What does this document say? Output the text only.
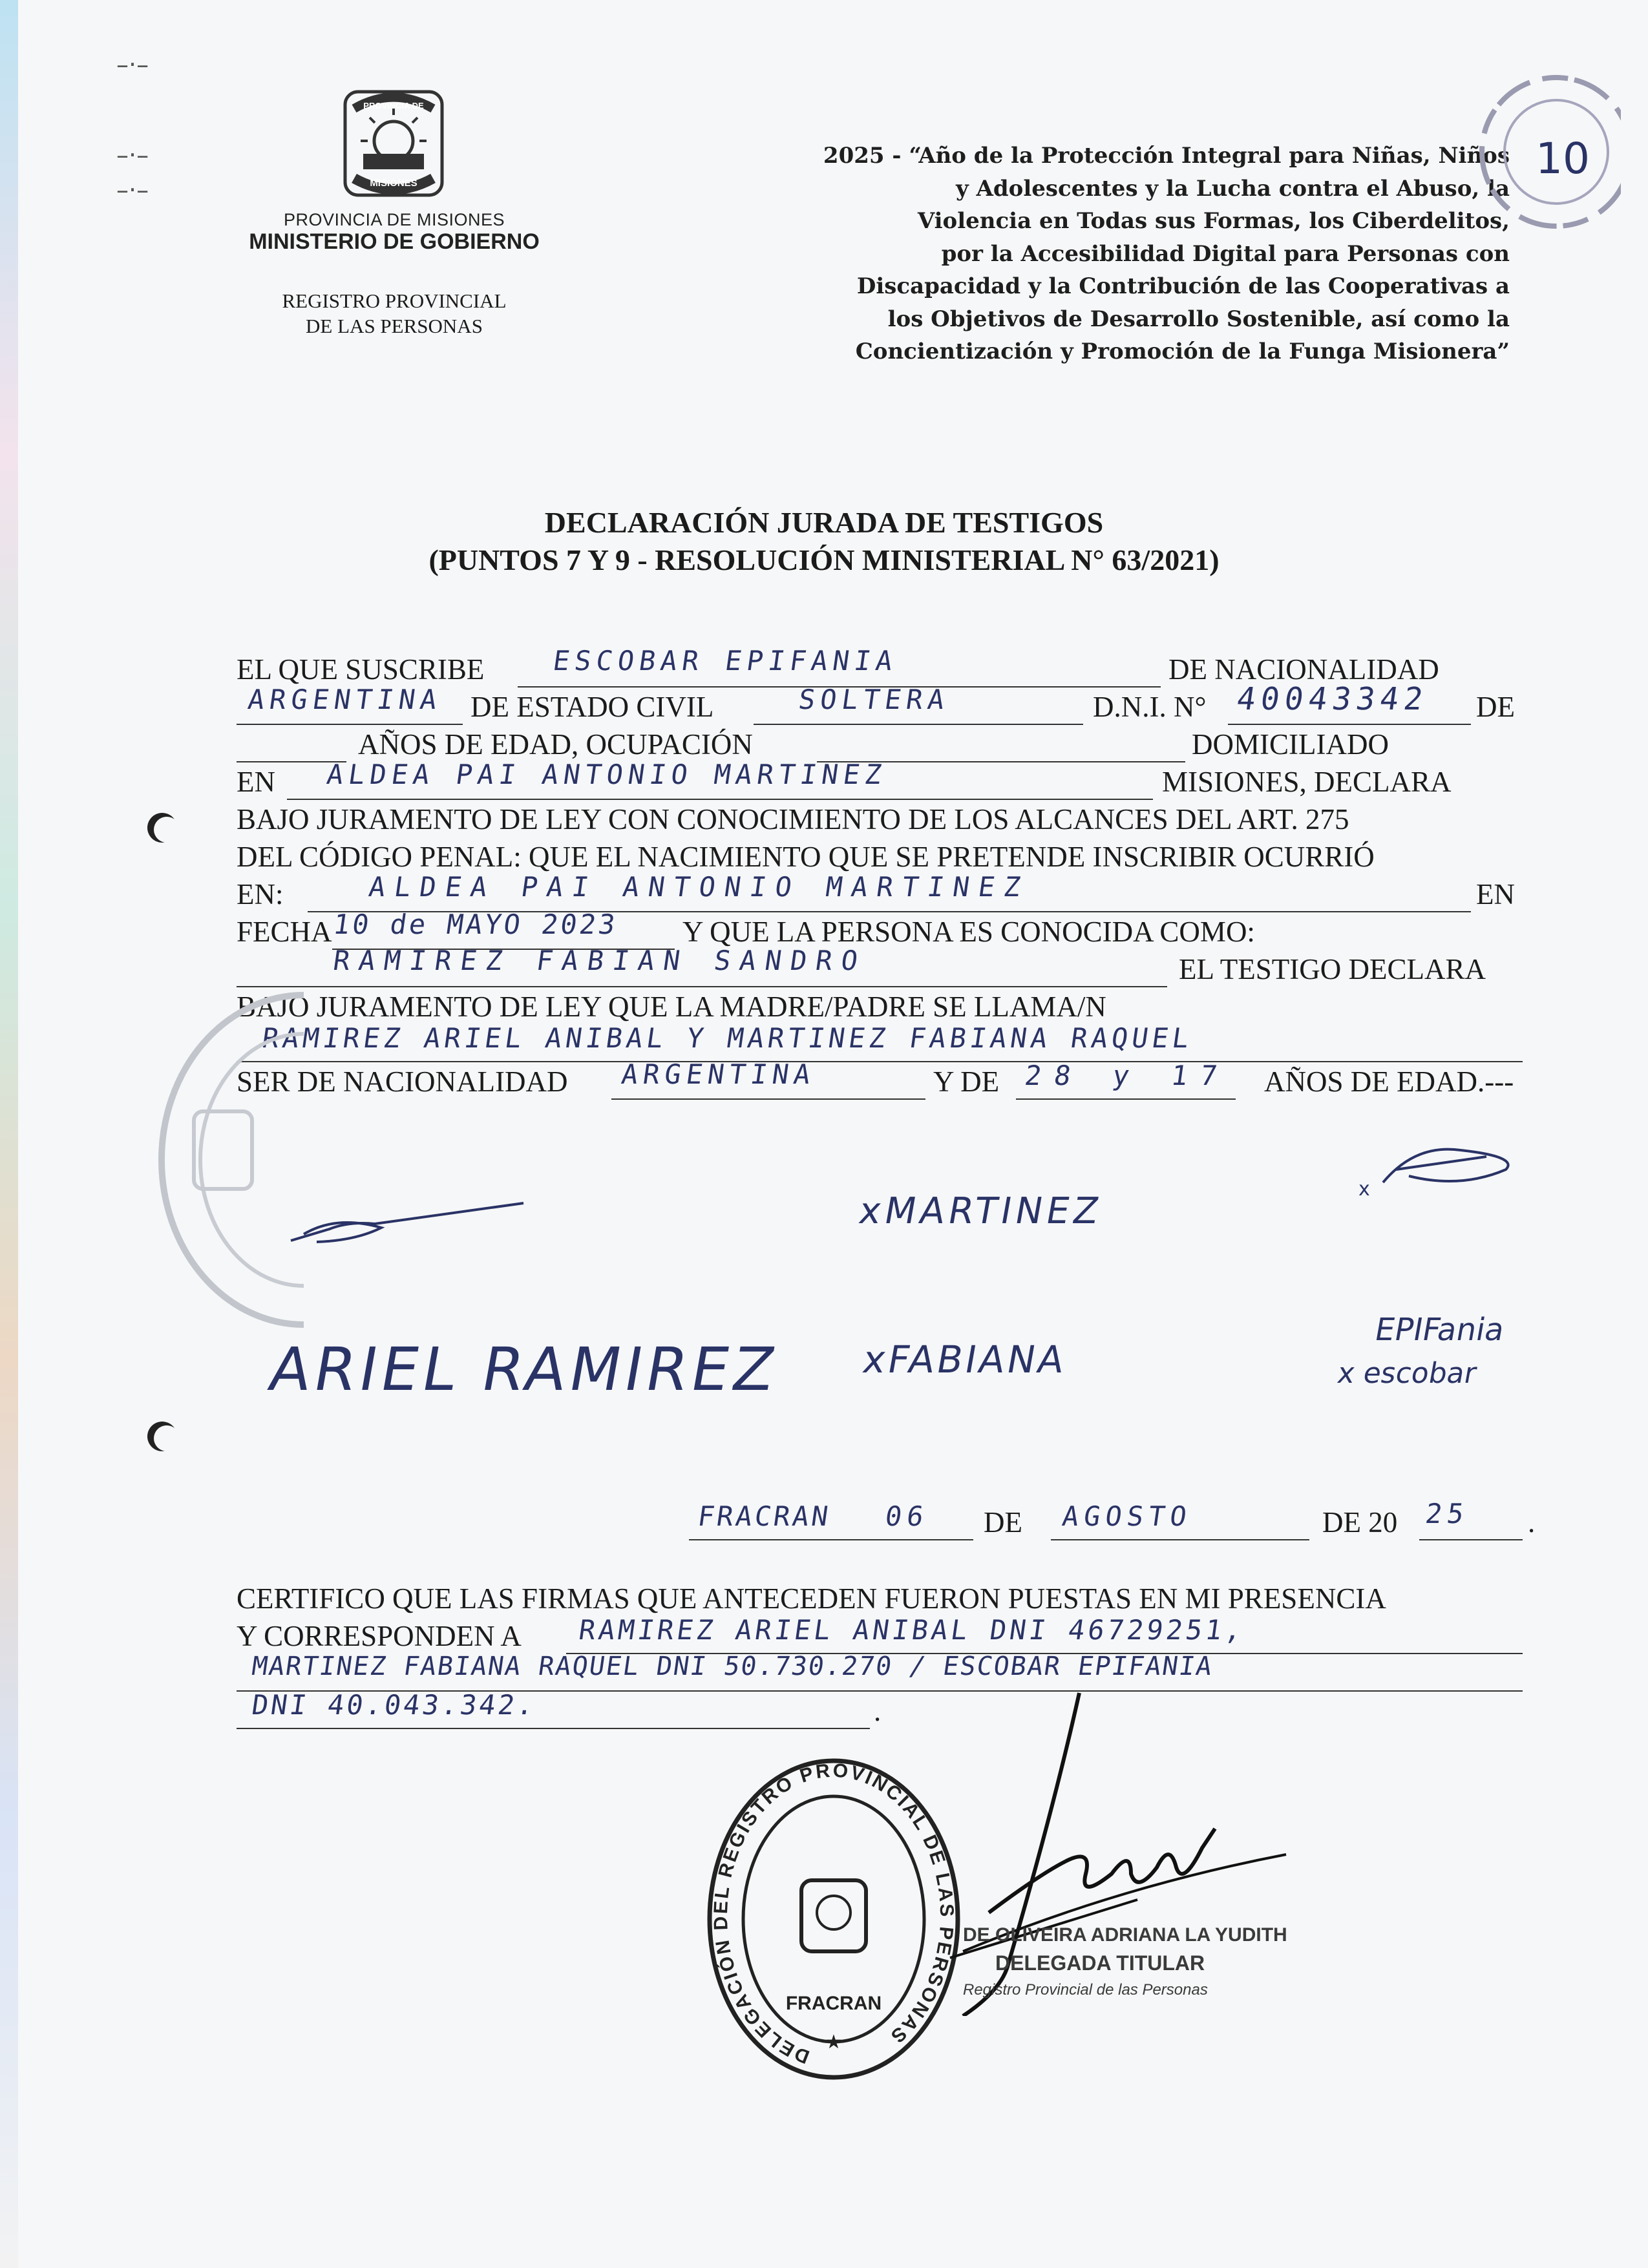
–·–
–·–
–·–
PROVINCIA DE
MISIONES
PROVINCIA DE MISIONES
MINISTERIO DE GOBIERNO
REGISTRO PROVINCIAL
DE LAS PERSONAS
2025 - “Año de la Protección Integral para Niñas, Niños
y Adolescentes y la Lucha contra el Abuso, la
Violencia en Todas sus Formas, los Ciberdelitos,
por la Accesibilidad Digital para Personas con
Discapacidad y la Contribución de las Cooperativas a
los Objetivos de Desarrollo Sostenible, así como la
Concientización y Promoción de la Funga Misionera”
10
DECLARACIÓN JURADA DE TESTIGOS
(PUNTOS 7 Y 9 - RESOLUCIÓN MINISTERIAL N° 63/2021)
EL QUE SUSCRIBE ESCOBAR EPIFANIA	DE NACIONALIDAD
ARGENTINA DE ESTADO CIVIL	SOLTERA	D.N.I. N° 40043342 DE
AÑOS DE EDAD, OCUPACIÓN	DOMICILIADO
EN ALDEA PAI ANTONIO MARTINEZ	MISIONES, DECLARA
BAJO JURAMENTO DE LEY CON CONOCIMIENTO DE LOS ALCANCES DEL ART. 275
DEL CÓDIGO PENAL: QUE EL NACIMIENTO QUE SE PRETENDE INSCRIBIR OCURRIÓ
EN:	ALDEA PAI ANTONIO MARTINEZ	EN
FECHA 10 de MAYO 2023 Y QUE LA PERSONA ES CONOCIDA COMO:
RAMIREZ FABIAN SANDRO	EL TESTIGO DECLARA
BAJO JURAMENTO DE LEY QUE LA MADRE/PADRE SE LLAMA/N
RAMIREZ ARIEL ANIBAL Y MARTINEZ FABIANA RAQUEL
SER DE NACIONALIDAD ARGENTINA	Y DE 28 y 17 AÑOS DE EDAD.---
xMARTINEZ
x
ARIEL RAMIREZ xFABIANA
EPIFania
x escobar
FRACRAN 06 DE AGOSTO	DE 20 25 .
CERTIFICO QUE LAS FIRMAS QUE ANTECEDEN FUERON PUESTAS EN MI PRESENCIA
Y CORRESPONDEN A RAMIREZ ARIEL ANIBAL DNI 46729251,
MARTINEZ FABIANA RAQUEL DNI 50.730.270 / ESCOBAR EPIFANIA
DNI 40.043.342.	.
DELEGACIÓN DEL REGISTRO PROVINCIAL DE LAS PERSONAS
FRACRAN
★
DE OLIVEIRA ADRIANA LA YUDITH
DELEGADA TITULAR
Registro Provincial de las Personas
